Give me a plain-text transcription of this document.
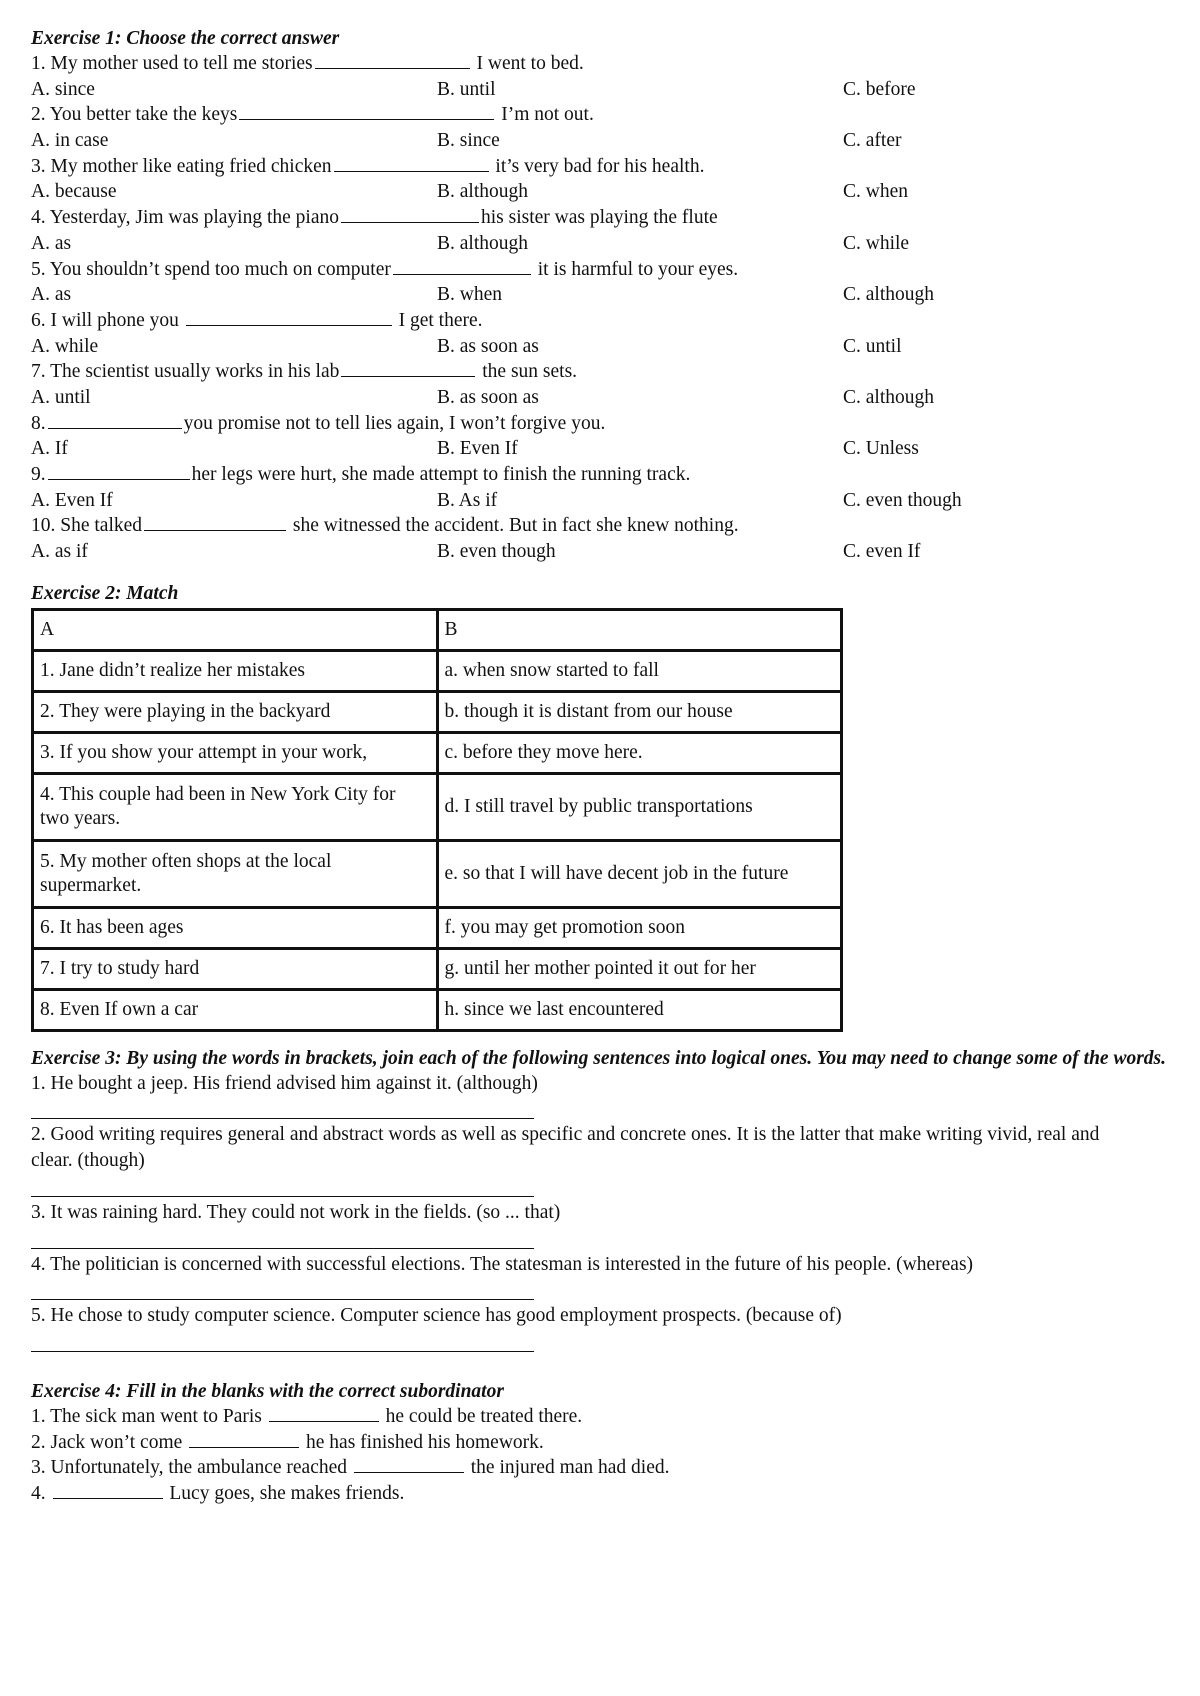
Exercise 1: Choose the correct answer
1. My mother used to tell me stories	I went to bed.
A. since	B. until	C. before
2. You better take the keys	I’m not out.
A. in case	B. since	C. after
3. My mother like eating fried chicken	it’s very bad for his health.
A. because	B. although	C. when
4. Yesterday, Jim was playing the piano	his sister was playing the flute
A. as	B. although	C. while
5. You shouldn’t spend too much on computer	it is harmful to your eyes.
A. as	B. when	C. although
6. I will phone you	I get there.
A. while	B. as soon as	C. until
7. The scientist usually works in his lab	the sun sets.
A. until	B. as soon as	C. although
8.	you promise not to tell lies again, I won’t forgive you.
A. If	B. Even If	C. Unless
9.	her legs were hurt, she made attempt to finish the running track.
A. Even If	B. As if	C. even though
10. She talked	she witnessed the accident. But in fact she knew nothing.
A. as if	B. even though	C. even If
Exercise 2: Match
A	B
1. Jane didn’t realize her mistakes	a. when snow started to fall
2. They were playing in the backyard	b. though it is distant from our house
3. If you show your attempt in your work,	c. before they move here.
4. This couple had been in New York City for two years.	d. I still travel by public transportations
5. My mother often shops at the local supermarket.	e. so that I will have decent job in the future
6. It has been ages	f. you may get promotion soon
7. I try to study hard	g. until her mother pointed it out for her
8. Even If own a car	h. since we last encountered
Exercise 3: By using the words in brackets, join each of the following sentences into logical ones. You may need to change some of the words.
1. He bought a jeep. His friend advised him against it. (although)
2. Good writing requires general and abstract words as well as specific and concrete ones. It is the latter that make writing vivid, real and clear. (though)
3. It was raining hard. They could not work in the fields. (so ... that)
4. The politician is concerned with successful elections. The statesman is interested in the future of his people. (whereas)
5. He chose to study computer science. Computer science has good employment prospects. (because of)
Exercise 4: Fill in the blanks with the correct subordinator
1. The sick man went to Paris	he could be treated there.
2. Jack won’t come	he has finished his homework.
3. Unfortunately, the ambulance reached	the injured man had died.
4.	Lucy goes, she makes friends.
